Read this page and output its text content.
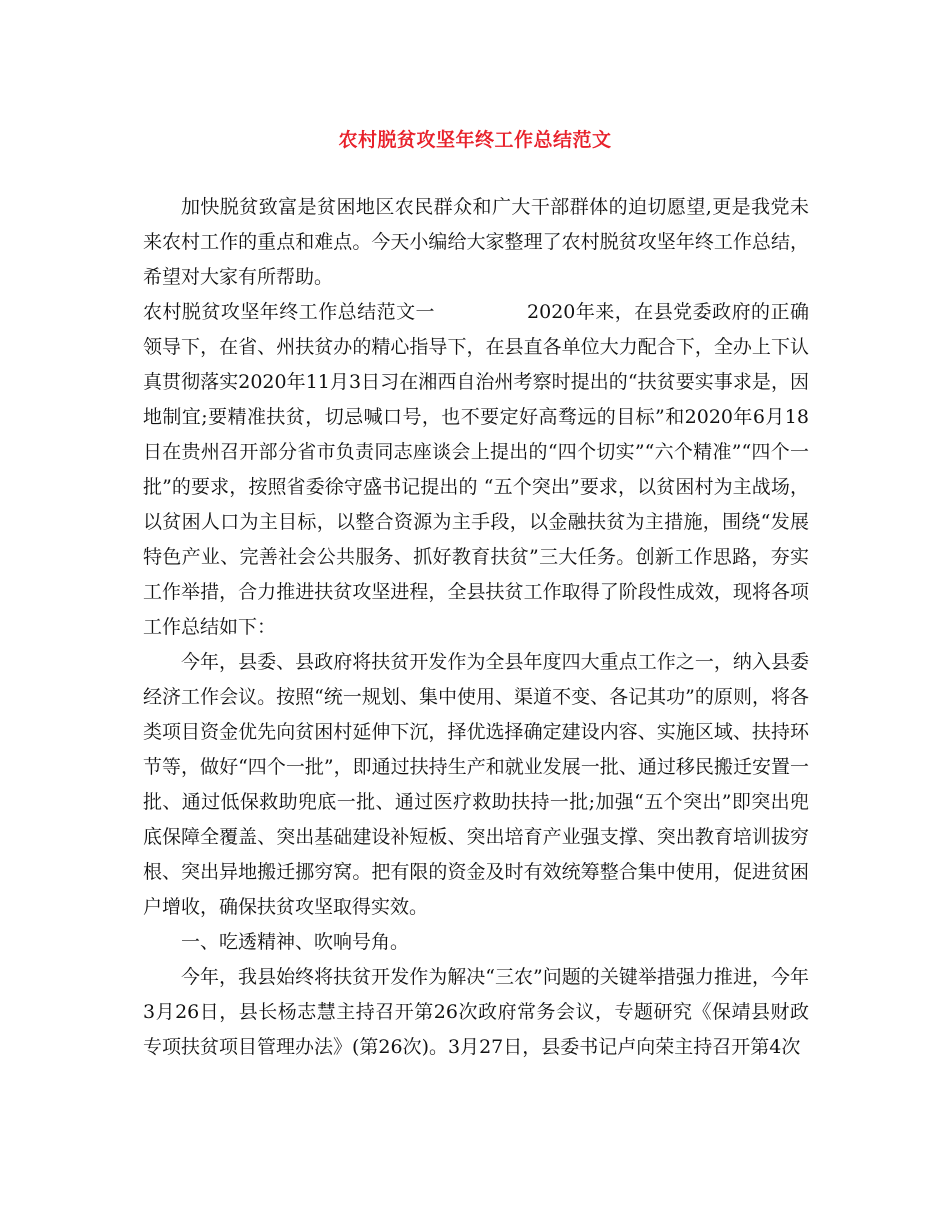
农村脱贫攻坚年终工作总结范文

加快脱贫致富是贫困地区农民群众和广大干部群体的迫切愿望,更是我党未来农村工作的重点和难点。今天小编给大家整理了农村脱贫攻坚年终工作总结，希望对大家有所帮助。

农村脱贫攻坚年终工作总结范文一	2020年来，在县党委政府的正确领导下，在省、州扶贫办的精心指导下，在县直各单位大力配合下，全办上下认真贯彻落实2020年11月3日习在湘西自治州考察时提出的“扶贫要实事求是，因地制宜;要精准扶贫，切忌喊口号，也不要定好高骛远的目标”和2020年6月18日在贵州召开部分省市负责同志座谈会上提出的“四个切实”“六个精准”“四个一批”的要求，按照省委徐守盛书记提出的 “五个突出”要求，以贫困村为主战场，以贫困人口为主目标，以整合资源为主手段，以金融扶贫为主措施，围绕“发展特色产业、完善社会公共服务、抓好教育扶贫”三大任务。创新工作思路，夯实工作举措，合力推进扶贫攻坚进程，全县扶贫工作取得了阶段性成效，现将各项工作总结如下：

今年，县委、县政府将扶贫开发作为全县年度四大重点工作之一，纳入县委经济工作会议。按照“统一规划、集中使用、渠道不变、各记其功”的原则，将各类项目资金优先向贫困村延伸下沉，择优选择确定建设内容、实施区域、扶持环节等，做好“四个一批”，即通过扶持生产和就业发展一批、通过移民搬迁安置一批、通过低保救助兜底一批、通过医疗救助扶持一批;加强“五个突出”即突出兜底保障全覆盖、突出基础建设补短板、突出培育产业强支撑、突出教育培训拔穷根、突出异地搬迁挪穷窝。把有限的资金及时有效统筹整合集中使用，促进贫困户增收，确保扶贫攻坚取得实效。

一、吃透精神、吹响号角。

今年，我县始终将扶贫开发作为解决“三农”问题的关键举措强力推进，今年3月26日，县长杨志慧主持召开第26次政府常务会议，专题研究《保靖县财政专项扶贫项目管理办法》(第26次)。3月27日，县委书记卢向荣主持召开第4次
